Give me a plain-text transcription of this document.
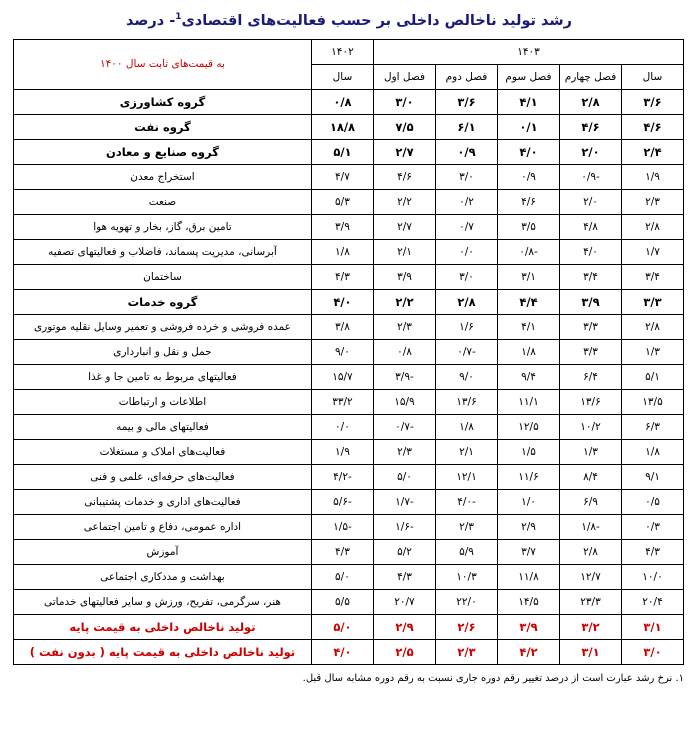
رشد تولید ناخالص داخلی بر حسب فعالیت‌های اقتصادی$^1$- درصد
۱۴۰۳					۱۴۰۲	به قیمت‌های ثابت سال ۱۴۰۰
سال	فصل چهارم	فصل سوم	فصل دوم	فصل اول	سال	
۳/۶	۲/۸	۴/۱	۳/۶	۳/۰	۰/۸	گروه کشاورزی
۴/۶	۴/۶	۰/۱	۶/۱	۷/۵	۱۸/۸	گروه نفت
۲/۴	۲/۰	۴/۰	۰/۹	۲/۷	۵/۱	گروه صنایع و معادن
۱/۹	-۰/۹	۰/۹	۳/۰	۴/۶	۴/۷	استخراج معدن
۲/۳	۲/۰	۴/۶	۰/۲	۲/۲	۵/۳	صنعت
۲/۸	۴/۸	۳/۵	۰/۷	۲/۷	۳/۹	تامین برق، گاز، بخار و تهویه هوا
۱/۷	۴/۰	-۰/۸	۰/۰	۲/۱	۱/۸	آبرسانی، مدیریت پسماند، فاضلاب و فعالیتهای تصفیه
۳/۴	۳/۴	۳/۱	۳/۰	۳/۹	۴/۳	ساختمان
۳/۳	۳/۹	۴/۴	۲/۸	۲/۲	۴/۰	گروه خدمات
۲/۸	۳/۳	۴/۱	۱/۶	۲/۳	۳/۸	عمده فروشی و خرده فروشی و تعمیر وسایل نقلیه موتوری
۱/۳	۳/۳	۱/۸	-۰/۷	۰/۸	۹/۰	حمل و نقل و انبارداری
۵/۱	۶/۴	۹/۴	۹/۰	-۳/۹	۱۵/۷	فعالیتهای مربوط به تامین جا و غذا
۱۳/۵	۱۳/۶	۱۱/۱	۱۳/۶	۱۵/۹	۳۳/۲	اطلاعات و ارتباطات
۶/۳	۱۰/۲	۱۲/۵	۱/۸	-۰/۷	۰/۰	فعالیتهای مالی و بیمه
۱/۸	۱/۳	۱/۵	۲/۱	۲/۳	۱/۹	فعالیت‌های املاک و مستغلات
۹/۱	۸/۴	۱۱/۶	۱۲/۱	۵/۰	-۴/۲	فعالیت‌های حرفه‌ای، علمی و فنی
۰/۵	۶/۹	۱/۰	-۴/۰	-۱/۷	-۵/۶	فعالیت‌های اداری و خدمات پشتیبانی
۰/۳	-۱/۸	۲/۹	۲/۳	-۱/۶	-۱/۵	اداره عمومی، دفاع و تامین اجتماعی
۴/۳	۲/۸	۳/۷	۵/۹	۵/۲	۴/۳	آموزش
۱۰/۰	۱۲/۷	۱۱/۸	۱۰/۳	۴/۳	۵/۰	بهداشت و مددکاری اجتماعی
۲۰/۴	۲۳/۳	۱۴/۵	۲۲/۰	۲۰/۷	۵/۵	هنر، سرگرمی، تفریح، ورزش و سایر فعالیتهای خدماتی
۳/۱	۳/۲	۳/۹	۲/۶	۲/۹	۵/۰	تولید ناخالص داخلی به قیمت پایه
۳/۰	۳/۱	۴/۲	۲/۳	۲/۵	۴/۰	تولید ناخالص داخلی به قیمت پایه ( بدون نفت )
۱. نرخ رشد عبارت است از درصد تغییر رقم دوره جاری نسبت به رقم دوره مشابه سال قبل.
